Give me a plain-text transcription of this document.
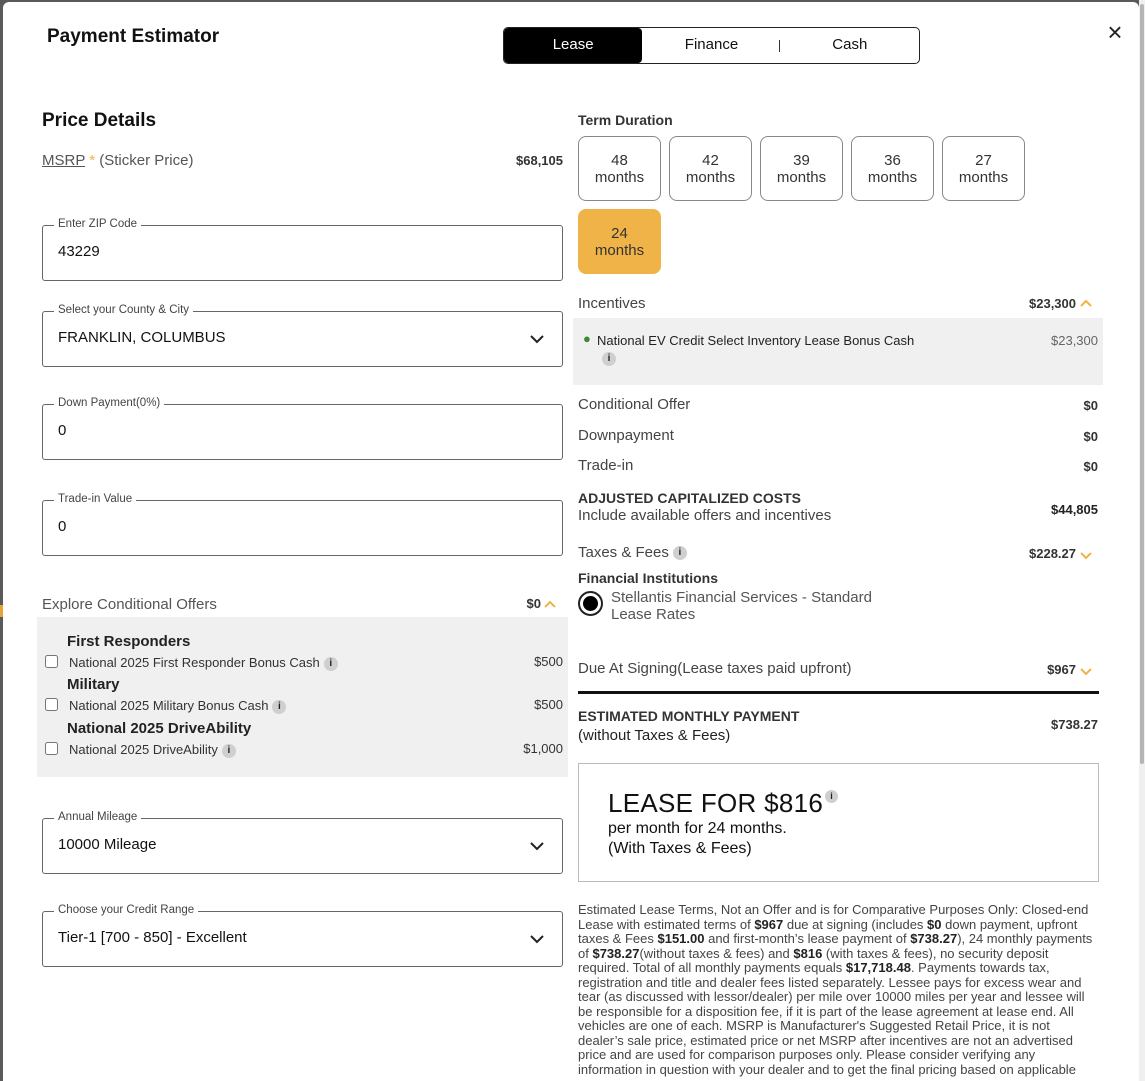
Payment Estimator	×
Lease	Finance	Cash
Price Details
MSRP * (Sticker Price)	$68,105
Enter ZIP Code
43229
Select your County & City
FRANKLIN, COLUMBUS
Down Payment(0%)
0
Trade-in Value
0
Explore Conditional Offers	$0
First Responders
National 2025 First Responder Bonus Cash i	$500
Military
National 2025 Military Bonus Cash i	$500
National 2025 DriveAbility
National 2025 DriveAbility i	$1,000
Annual Mileage
10000 Mileage
Choose your Credit Range
Tier-1 [700 - 850] - Excellent
Term Duration
48
months
42
months
39
months
36
months
27
months
24
months
Incentives	$23,300
● National EV Credit Select Inventory Lease Bonus Cash	$23,300
i
Conditional Offer	$0
Downpayment	$0
Trade-in	$0
ADJUSTED CAPITALIZED COSTS
Include available offers and incentives	$44,805
Taxes & Fees i	$228.27
Financial Institutions
Stellantis Financial Services - Standard Lease Rates
Due At Signing(Lease taxes paid upfront)	$967
ESTIMATED MONTHLY PAYMENT
(without Taxes & Fees)
$738.27
LEASE FOR $816 i
per month for 24 months.
(With Taxes & Fees)
Estimated Lease Terms, Not an Offer and is for Comparative Purposes Only: Closed-end Lease with estimated terms of $967 due at signing (includes $0 down payment, upfront taxes & Fees $151.00 and first-month’s lease payment of $738.27), 24 monthly payments of $738.27(without taxes & fees) and $816 (with taxes & fees), no security deposit required. Total of all monthly payments equals $17,718.48. Payments towards tax, registration and title and dealer fees listed separately. Lessee pays for excess wear and tear (as discussed with lessor/dealer) per mile over 10000 miles per year and lessee will be responsible for a disposition fee, if it is part of the lease agreement at lease end. All vehicles are one of each. MSRP is Manufacturer's Suggested Retail Price, it is not dealer’s sale price, estimated price or net MSRP after incentives are not an advertised price and are used for comparison purposes only. Please consider verifying any information in question with your dealer and to get the final pricing based on applicable
